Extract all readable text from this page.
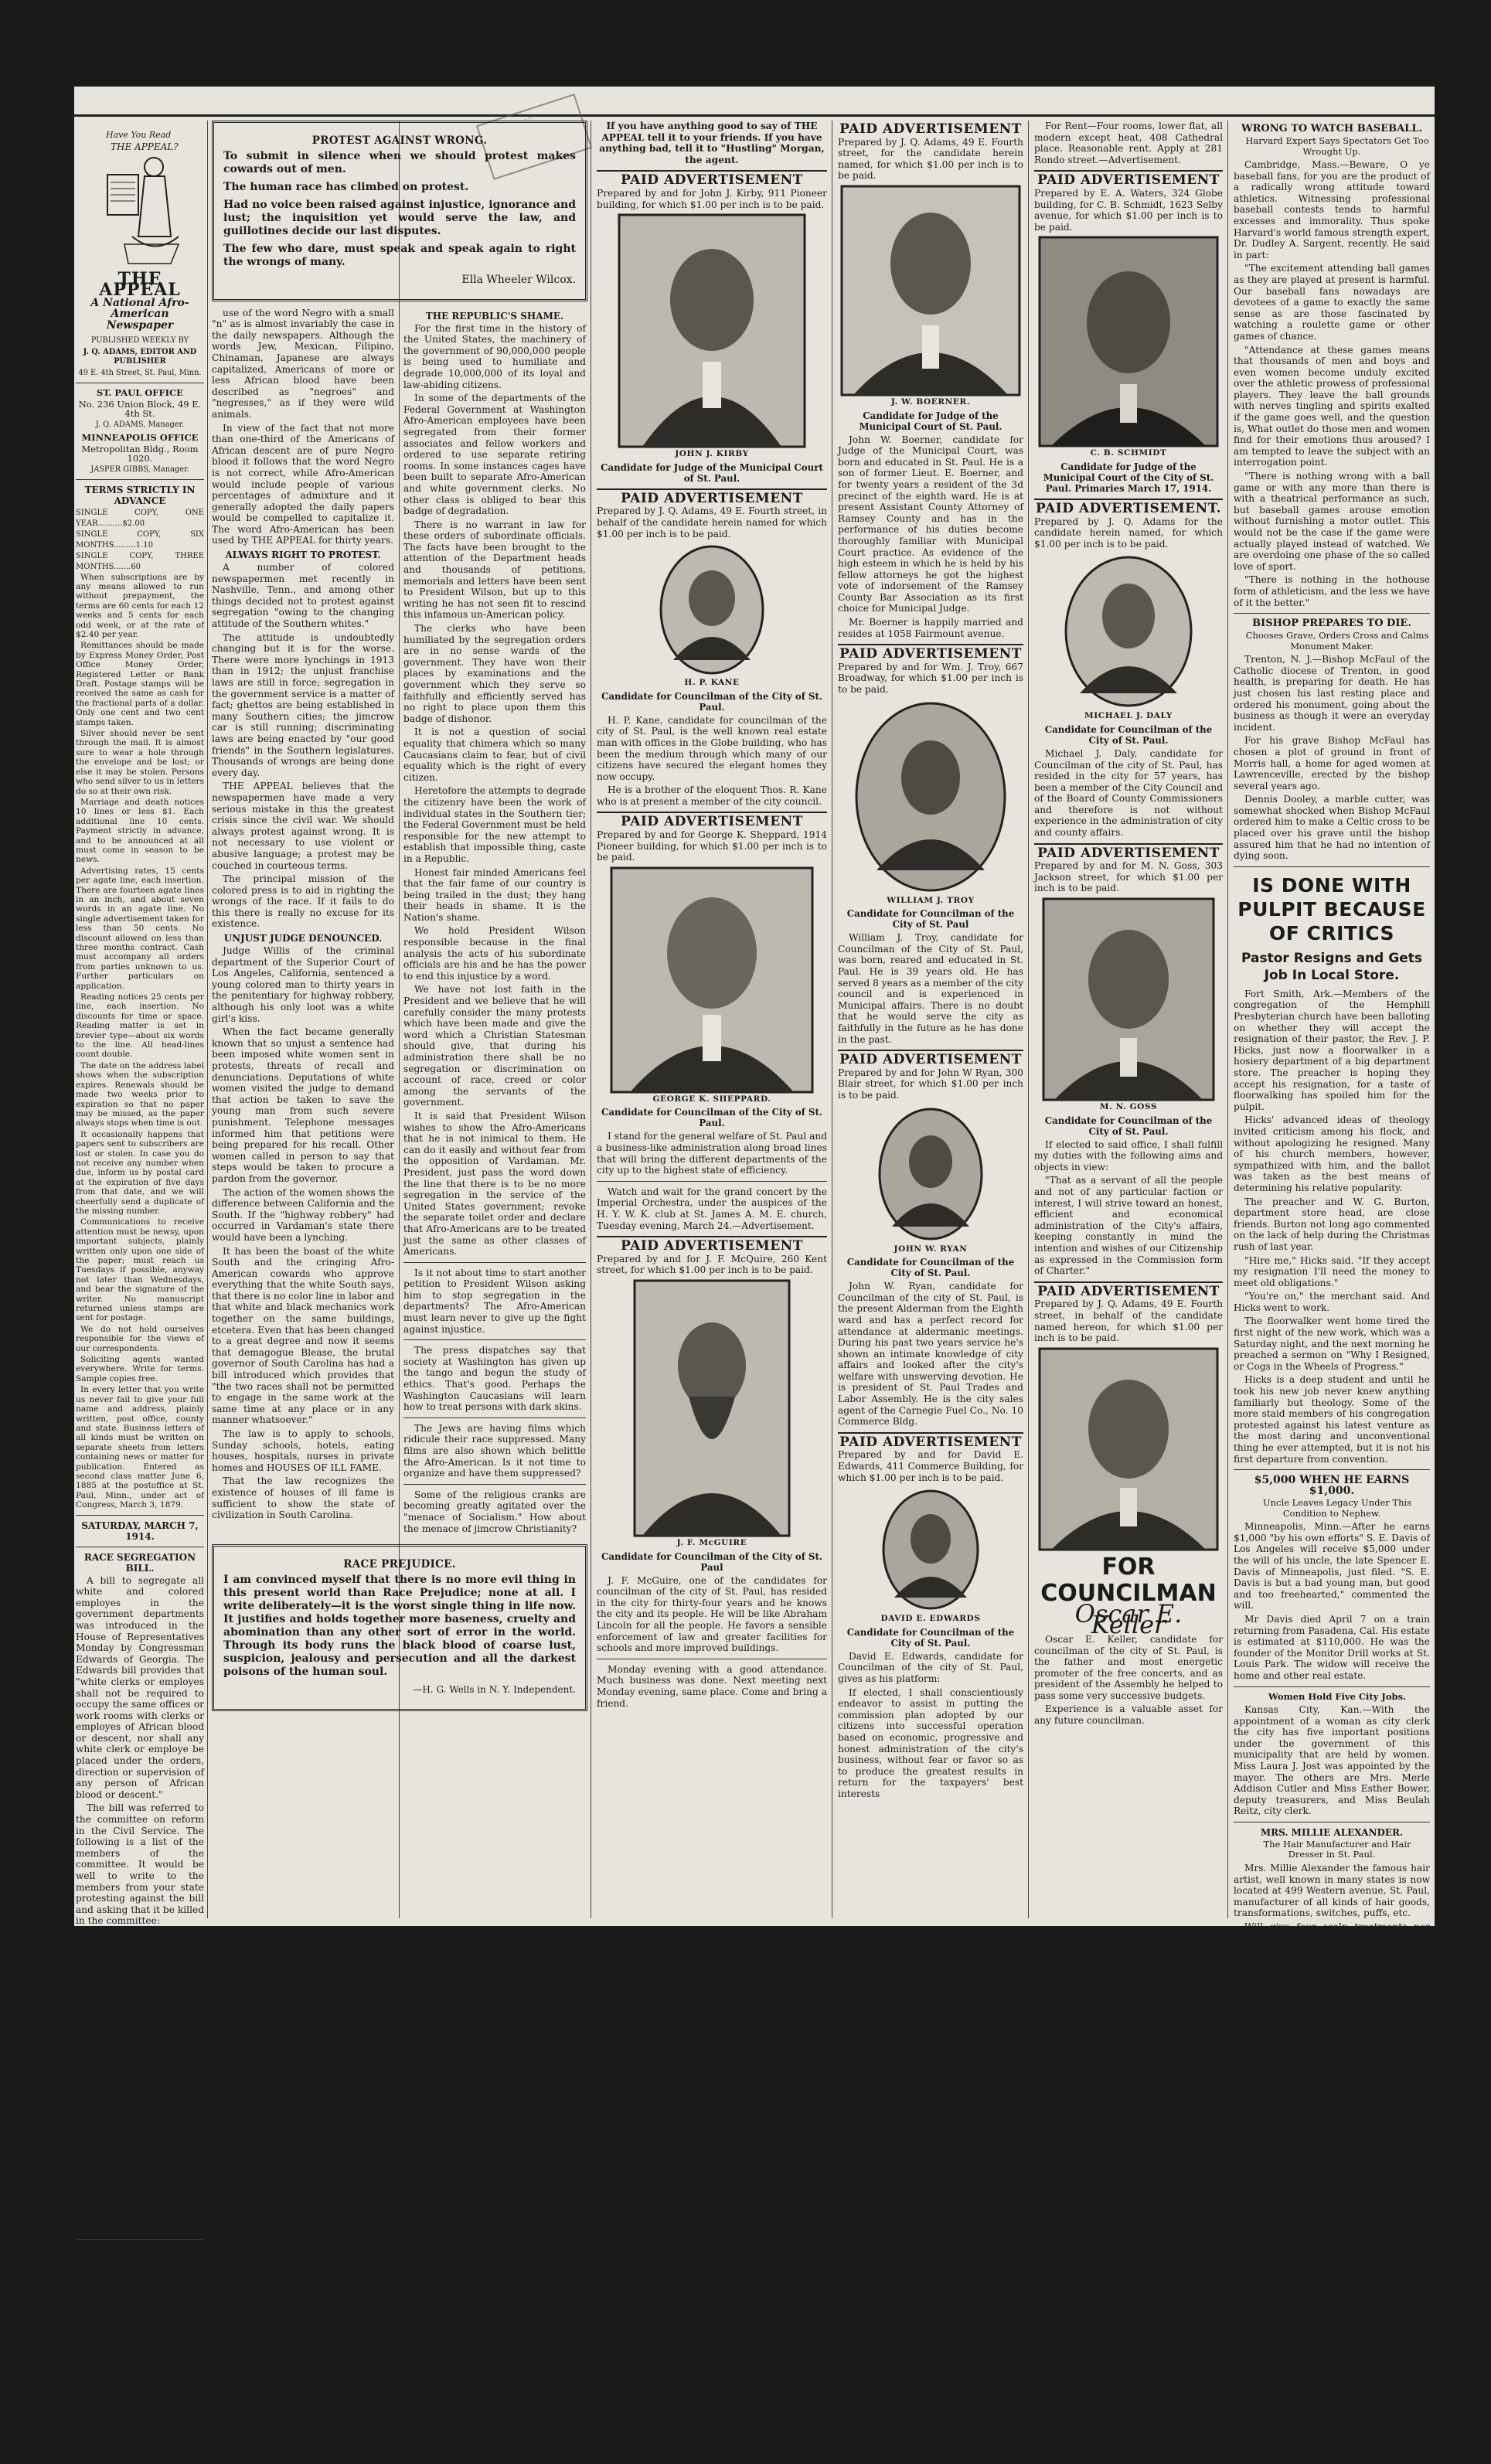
⋯
Have You Read
THE APPEAL?
THE APPEAL
A National Afro-American Newspaper

PUBLISHED WEEKLY BY

J. Q. ADAMS, EDITOR AND PUBLISHER

49 E. 4th Street, St. Paul, Minn.

ST. PAUL OFFICE

No. 236 Union Block, 49 E. 4th St.

J. Q. ADAMS, Manager.

MINNEAPOLIS OFFICE

Metropolitan Bldg., Room 1020.

JASPER GIBBS, Manager.

TERMS STRICTLY IN ADVANCE

SINGLE COPY, ONE YEAR..........$2.00

SINGLE COPY, SIX MONTHS.........1.10

SINGLE COPY, THREE MONTHS.......60

When subscriptions are by any means allowed to run without prepayment, the terms are 60 cents for each 12 weeks and 5 cents for each odd week, or at the rate of $2.40 per year.

Remittances should be made by Express Money Order, Post Office Money Order, Registered Letter or Bank Draft. Postage stamps will be received the same as cash for the fractional parts of a dollar. Only one cent and two cent stamps taken.

Silver should never be sent through the mail. It is almost sure to wear a hole through the envelope and be lost; or else it may be stolen. Persons who send silver to us in letters do so at their own risk.

Marriage and death notices 10 lines or less $1. Each additional line 10 cents. Payment strictly in advance, and to be announced at all must come in season to be news.

Advertising rates, 15 cents per agate line, each insertion. There are fourteen agate lines in an inch, and about seven words in an agate line. No single advertisement taken for less than 50 cents. No discount allowed on less than three months contract. Cash must accompany all orders from parties unknown to us. Further particulars on application.

Reading notices 25 cents per line, each insertion. No discounts for time or space. Reading matter is set in brevier type—about six words to the line. All head-lines count double.

The date on the address label shows when the subscription expires. Renewals should be made two weeks prior to expiration so that no paper may be missed, as the paper always stops when time is out.

It occasionally happens that papers sent to subscribers are lost or stolen. In case you do not receive any number when due, inform us by postal card at the expiration of five days from that date, and we will cheerfully send a duplicate of the missing number.

Communications to receive attention must be newsy, upon important subjects, plainly written only upon one side of the paper; must reach us Tuesdays if possible, anyway not later than Wednesdays, and bear the signature of the writer. No manuscript returned unless stamps are sent for postage.

We do not hold ourselves responsible for the views of our correspondents.

Soliciting agents wanted everywhere. Write for terms. Sample copies free.

In every letter that you write us never fail to give your full name and address, plainly written, post office, county and state. Business letters of all kinds must be written on separate sheets from letters containing news or matter for publication. Entered as second class matter June 6, 1885 at the postoffice at St. Paul, Minn., under act of Congress, March 3, 1879.

SATURDAY, MARCH 7, 1914.
RACE SEGREGATION BILL.

A bill to segregate all white and colored employes in the government departments was introduced in the House of Representatives Monday by Congressman Edwards of Georgia. The Edwards bill provides that "white clerks or employes shall not be required to occupy the same offices or work rooms with clerks or employes of African blood or descent, nor shall any white clerk or employe be placed under the orders, direction or supervision of any person of African blood or descent."

The bill was referred to the committee on reform in the Civil Service. The following is a list of the members of the committee. It would be well to write to the members from your state protesting against the bill and asking that it be killed in the committee:

Hannibal L. Godwin of North Carolina.

Charles D. Carter of Oklahoma.

Martin Dies of Texas.

C. O. Lobeck of Nebraska.

Lewis L. Morgan of Louisiana.

Stephen A. Hoxworth of Illinois.

Denver S. Church of California.

Lathrop Brown of New York.

George C. Scott of Iowa.

Martin B. Madden of Illinois.

James Manahan of Minnesota.

Silas R. Barton of Nebraska.

James W. Bryan of Washington.

It would also be well to make a general protest against the enactment of jim crow legislation of any kind by Congress.

AFRO-AMERICAN RIGHT WORD.

We congratulate our up-to-date contemporary the Chicago Defender on its new "make up." It is chock full of news and presents a fine appearance.

We are especially pleased that the Defender has adopted the word Afro-American as a racial designation. It is a shame that it is necessary in this alleged land of the free to differentiate between Americans, but it is true.

Who has not been disgusted by the

PROTEST AGAINST WRONG.

To submit in silence when we should protest makes cowards out of men.

The human race has climbed on protest.

Had no voice been raised against injustice, ignorance and lust; the inquisition yet would serve the law, and guillotines decide our last disputes.

The few who dare, must speak and speak again to right the wrongs of many.

Ella Wheeler Wilcox.

use of the word Negro with a small "n" as is almost invariably the case in the daily newspapers. Although the words Jew, Mexican, Filipino, Chinaman, Japanese are always capitalized, Americans of more or less African blood have been described as "negroes" and "negresses," as if they were wild animals.

In view of the fact that not more than one-third of the Americans of African descent are of pure Negro blood it follows that the word Negro is not correct, while Afro-American would include people of various percentages of admixture and it generally adopted the daily papers would be compelled to capitalize it. The word Afro-American has been used by THE APPEAL for thirty years.

ALWAYS RIGHT TO PROTEST.

A number of colored newspapermen met recently in Nashville, Tenn., and among other things decided not to protest against segregation "owing to the changing attitude of the Southern whites."

The attitude is undoubtedly changing but it is for the worse. There were more lynchings in 1913 than in 1912; the unjust franchise laws are still in force; segregation in the government service is a matter of fact; ghettos are being established in many Southern cities; the jimcrow car is still running; discriminating laws are being enacted by "our good friends" in the Southern legislatures. Thousands of wrongs are being done every day.

THE APPEAL believes that the newspapermen have made a very serious mistake in this the greatest crisis since the civil war. We should always protest against wrong. It is not necessary to use violent or abusive language; a protest may be couched in courteous terms.

The principal mission of the colored press is to aid in righting the wrongs of the race. If it fails to do this there is really no excuse for its existence.

UNJUST JUDGE DENOUNCED.

Judge Willis of the criminal department of the Superior Court of Los Angeles, California, sentenced a young colored man to thirty years in the penitentiary for highway robbery, although his only loot was a white girl's kiss.

When the fact became generally known that so unjust a sentence had been imposed white women sent in protests, threats of recall and denunciations. Deputations of white women visited the judge to demand that action be taken to save the young man from such severe punishment. Telephone messages informed him that petitions were being prepared for his recall. Other women called in person to say that steps would be taken to procure a pardon from the governor.

The action of the women shows the difference between California and the South. If the "highway robbery" had occurred in Vardaman's state there would have been a lynching.

It has been the boast of the white South and the cringing Afro-American cowards who approve everything that the white South says, that there is no color line in labor and that white and black mechanics work together on the same buildings, etcetera. Even that has been changed to a great degree and now it seems that demagogue Blease, the brutal governor of South Carolina has had a bill introduced which provides that "the two races shall not be permitted to engage in the same work at the same time at any place or in any manner whatsoever."

The law is to apply to schools, Sunday schools, hotels, eating houses, hospitals, nurses in private homes and HOUSES OF ILL FAME.

That the law recognizes the existence of houses of ill fame is sufficient to show the state of civilization in South Carolina.

THE REPUBLIC'S SHAME.

For the first time in the history of the United States, the machinery of the government of 90,000,000 people is being used to humiliate and degrade 10,000,000 of its loyal and law-abiding citizens.

In some of the departments of the Federal Government at Washington Afro-American employees have been segregated from their former associates and fellow workers and ordered to use separate retiring rooms. In some instances cages have been built to separate Afro-American and white government clerks. No other class is obliged to bear this badge of degradation.

There is no warrant in law for these orders of subordinate officials. The facts have been brought to the attention of the Department heads and thousands of petitions, memorials and letters have been sent to President Wilson, but up to this writing he has not seen fit to rescind this infamous un-American policy.

The clerks who have been humiliated by the segregation orders are in no sense wards of the government. They have won their places by examinations and the government which they serve so faithfully and efficiently served has no right to place upon them this badge of dishonor.

It is not a question of social equality that chimera which so many Caucasians claim to fear, but of civil equality which is the right of every citizen.

Heretofore the attempts to degrade the citizenry have been the work of individual states in the Southern tier; the Federal Government must be held responsible for the new attempt to establish that impossible thing, caste in a Republic.

Honest fair minded Americans feel that the fair fame of our country is being trailed in the dust; they hang their heads in shame. It is the Nation's shame.

We hold President Wilson responsible because in the final analysis the acts of his subordinate officials are his and he has the power to end this injustice by a word.

We have not lost faith in the President and we believe that he will carefully consider the many protests which have been made and give the word which a Christian Statesman should give, that during his administration there shall be no segregation or discrimination on account of race, creed or color among the servants of the government.

It is said that President Wilson wishes to show the Afro-Americans that he is not inimical to them. He can do it easily and without fear from the opposition of Vardaman. Mr. President, just pass the word down the line that there is to be no more segregation in the service of the United States government; revoke the separate toilet order and declare that Afro-Americans are to be treated just the same as other classes of Americans.

Is it not about time to start another petition to President Wilson asking him to stop segregation in the departments? The Afro-American must learn never to give up the fight against injustice.

The press dispatches say that society at Washington has given up the tango and begun the study of ethics. That's good. Perhaps the Washington Caucasians will learn how to treat persons with dark skins.

The Jews are having films which ridicule their race suppressed. Many films are also shown which belittle the Afro-American. Is it not time to organize and have them suppressed?

Some of the religious cranks are becoming greatly agitated over the "menace of Socialism." How about the menace of jimcrow Christianity?

RACE PREJUDICE.

I am convinced myself that there is no more evil thing in this present world than Race Prejudice; none at all. I write deliberately—it is the worst single thing in life now. It justifies and holds together more baseness, cruelty and abomination than any other sort of error in the world. Through its body runs the black blood of coarse lust, suspicion, jealousy and persecution and all the darkest poisons of the human soul.

—H. G. Wells in N. Y. Independent.

If you have anything good to say of THE APPEAL tell it to your friends. If you have anything bad, tell it to "Hustling" Morgan, the agent.

PAID ADVERTISEMENT

Prepared by and for John J. Kirby, 911 Pioneer building, for which $1.00 per inch is to be paid.

JOHN J. KIRBY

Candidate for Judge of the Municipal Court of St. Paul.

PAID ADVERTISEMENT

Prepared by J. Q. Adams, 49 E. Fourth street, in behalf of the candidate herein named for which $1.00 per inch is to be paid.

H. P. KANE

Candidate for Councilman of the City of St. Paul.

H. P. Kane, candidate for councilman of the city of St. Paul, is the well known real estate man with offices in the Globe building, who has been the medium through which many of our citizens have secured the elegant homes they now occupy.

He is a brother of the eloquent Thos. R. Kane who is at present a member of the city council.

PAID ADVERTISEMENT

Prepared by and for George K. Sheppard, 1914 Pioneer building, for which $1.00 per inch is to be paid.

GEORGE K. SHEPPARD.

Candidate for Councilman of the City of St. Paul.

I stand for the general welfare of St. Paul and a business-like administration along broad lines that will bring the different departments of the city up to the highest state of efficiency.

Watch and wait for the grand concert by the Imperial Orchestra, under the auspices of the H. Y. W. K. club at St. James A. M. E. church, Tuesday evening, March 24.—Advertisement.

PAID ADVERTISEMENT

Prepared by and for J. F. McQuire, 260 Kent street, for which $1.00 per inch is to be paid.

J. F. McGUIRE

Candidate for Councilman of the City of St. Paul

J. F. McGuire, one of the candidates for councilman of the city of St. Paul, has resided in the city for thirty-four years and he knows the city and its people. He will be like Abraham Lincoln for all the people. He favors a sensible enforcement of law and greater facilities for schools and more improved buildings.

Monday evening with a good attendance. Much business was done. Next meeting next Monday evening, same place. Come and bring a friend.

PAID ADVERTISEMENT

Prepared by J. Q. Adams, 49 E. Fourth street, for the candidate herein named, for which $1.00 per inch is to be paid.

J. W. BOERNER.

Candidate for Judge of the Municipal Court of St. Paul.

John W. Boerner, candidate for Judge of the Municipal Court, was born and educated in St. Paul. He is a son of former Lieut. E. Boerner, and for twenty years a resident of the 3d precinct of the eighth ward. He is at present Assistant County Attorney of Ramsey County and has in the performance of his duties become thoroughly familiar with Municipal Court practice. As evidence of the high esteem in which he is held by his fellow attorneys he got the highest vote of indorsement of the Ramsey County Bar Association as its first choice for Municipal Judge.

Mr. Boerner is happily married and resides at 1058 Fairmount avenue.

PAID ADVERTISEMENT

Prepared by and for Wm. J. Troy, 667 Broadway, for which $1.00 per inch is to be paid.

WILLIAM J. TROY

Candidate for Councilman of the City of St. Paul

William J. Troy, candidate for Councilman of the City of St. Paul, was born, reared and educated in St. Paul. He is 39 years old. He has served 8 years as a member of the city council and is experienced in Municipal affairs. There is no doubt that he would serve the city as faithfully in the future as he has done in the past.

PAID ADVERTISEMENT

Prepared by and for John W Ryan, 300 Blair street, for which $1.00 per inch is to be paid.

JOHN W. RYAN

Candidate for Councilman of the City of St. Paul.

John W. Ryan, candidate for Councilman of the city of St. Paul, is the present Alderman from the Eighth ward and has a perfect record for attendance at aldermanic meetings. During his past two years service he's shown an intimate knowledge of city affairs and looked after the city's welfare with unswerving devotion. He is president of St. Paul Trades and Labor Assembly. He is the city sales agent of the Carnegie Fuel Co., No. 10 Commerce Bldg.

PAID ADVERTISEMENT

Prepared by and for David E. Edwards, 411 Commerce Building, for which $1.00 per inch is to be paid.

DAVID E. EDWARDS

Candidate for Councilman of the City of St. Paul.

David E. Edwards, candidate for Councilman of the city of St. Paul, gives as his platform:

If elected, I shall conscientiously endeavor to assist in putting the commission plan adopted by our citizens into successful operation based on economic, progressive and honest administration of the city's business, without fear or favor so as to produce the greatest results in return for the taxpayers' best interests

For Rent—Four rooms, lower flat, all modern except heat, 408 Cathedral place. Reasonable rent. Apply at 281 Rondo street.—Advertisement.

PAID ADVERTISEMENT

Prepared by E. A. Waters, 324 Globe building, for C. B. Schmidt, 1623 Selby avenue, for which $1.00 per inch is to be paid.

C. B. SCHMIDT

Candidate for Judge of the Municipal Court of the City of St. Paul. Primaries March 17, 1914.

PAID ADVERTISEMENT.

Prepared by J. Q. Adams for the candidate herein named, for which $1.00 per inch is to be paid.

MICHAEL J. DALY

Candidate for Councilman of the City of St. Paul.

Michael J. Daly, candidate for Councilman of the city of St. Paul, has resided in the city for 57 years, has been a member of the City Council and of the Board of County Commissioners and therefore is not without experience in the administration of city and county affairs.

PAID ADVERTISEMENT

Prepared by and for M. N. Goss, 303 Jackson street, for which $1.00 per inch is to be paid.

M. N. GOSS

Candidate for Councilman of the City of St. Paul.

If elected to said office, I shall fulfill my duties with the following aims and objects in view:

"That as a servant of all the people and not of any particular faction or interest, I will strive toward an honest, efficient and economical administration of the City's affairs, keeping constantly in mind the intention and wishes of our Citizenship as expressed in the Commission form of Charter."

PAID ADVERTISEMENT

Prepared by J. Q. Adams, 49 E. Fourth street, in behalf of the candidate named hereon, for which $1.00 per inch is to be paid.

FOR COUNCILMAN
Oscar E. Keller

Oscar E. Keller, candidate for councilman of the city of St. Paul, is the father and most energetic promoter of the free concerts, and as president of the Assembly he helped to pass some very successive budgets.

Experience is a valuable asset for any future councilman.

WRONG TO WATCH BASEBALL.

Harvard Expert Says Spectators Get Too Wrought Up.

Cambridge, Mass.—Beware, O ye baseball fans, for you are the product of a radically wrong attitude toward athletics. Witnessing professional baseball contests tends to harmful excesses and immorality. Thus spoke Harvard's world famous strength expert, Dr. Dudley A. Sargent, recently. He said in part:

"The excitement attending ball games as they are played at present is harmful. Our baseball fans nowadays are devotees of a game to exactly the same sense as are those fascinated by watching a roulette game or other games of chance.

"Attendance at these games means that thousands of men and boys and even women become unduly excited over the athletic prowess of professional players. They leave the ball grounds with nerves tingling and spirits exalted if the game goes well, and the question is, What outlet do those men and women find for their emotions thus aroused? I am tempted to leave the subject with an interrogation point.

"There is nothing wrong with a ball game or with any more than there is with a theatrical performance as such, but baseball games arouse emotion without furnishing a motor outlet. This would not be the case if the game were actually played instead of watched. We are overdoing one phase of the so called love of sport.

"There is nothing in the hothouse form of athleticism, and the less we have of it the better."

BISHOP PREPARES TO DIE.

Chooses Grave, Orders Cross and Calms Monument Maker.

Trenton, N. J.—Bishop McFaul of the Catholic diocese of Trenton, in good health, is preparing for death. He has just chosen his last resting place and ordered his monument, going about the business as though it were an everyday incident.

For his grave Bishop McFaul has chosen a plot of ground in front of Morris hall, a home for aged women at Lawrenceville, erected by the bishop several years ago.

Dennis Dooley, a marble cutter, was somewhat shocked when Bishop McFaul ordered him to make a Celtic cross to be placed over his grave until the bishop assured him that he had no intention of dying soon.

IS DONE WITH PULPIT BECAUSE OF CRITICS
Pastor Resigns and Gets Job In Local Store.

Fort Smith, Ark.—Members of the congregation of the Hemphill Presbyterian church have been balloting on whether they will accept the resignation of their pastor, the Rev. J. P. Hicks, just now a floorwalker in a hosiery department of a big department store. The preacher is hoping they accept his resignation, for a taste of floorwalking has spoiled him for the pulpit.

Hicks' advanced ideas of theology invited criticism among his flock, and without apologizing he resigned. Many of his church members, however, sympathized with him, and the ballot was taken as the best means of determining his relative popularity.

The preacher and W. G. Burton, department store head, are close friends. Burton not long ago commented on the lack of help during the Christmas rush of last year.

"Hire me," Hicks said. "If they accept my resignation I'll need the money to meet old obligations."

"You're on," the merchant said. And Hicks went to work.

The floorwalker went home tired the first night of the new work, which was a Saturday night, and the next morning he preached a sermon on "Why I Resigned, or Cogs in the Wheels of Progress."

Hicks is a deep student and until he took his new job never knew anything familiarly but theology. Some of the more staid members of his congregation protested against his latest venture as the most daring and unconventional thing he ever attempted, but it is not his first departure from convention.

$5,000 WHEN HE EARNS $1,000.

Uncle Leaves Legacy Under This Condition to Nephew.

Minneapolis, Minn.—After he earns $1,000 "by his own efforts" S. E. Davis of Los Angeles will receive $5,000 under the will of his uncle, the late Spencer E. Davis of Minneapolis, just filed. "S. E. Davis is but a bad young man, but good and too freehearted," commented the will.

Mr Davis died April 7 on a train returning from Pasadena, Cal. His estate is estimated at $110,000. He was the founder of the Monitor Drill works at St. Louis Park. The widow will receive the home and other real estate.

Women Hold Five City Jobs.

Kansas City, Kan.—With the appointment of a woman as city clerk the city has five important positions under the government of this municipality that are held by women. Miss Laura J. Jost was appointed by the mayor. The others are Mrs. Merle Addison Cutler and Miss Esther Bower, deputy treasurers, and Miss Beulah Reitz, city clerk.

MRS. MILLIE ALEXANDER.

The Hair Manufacturer and Hair Dresser in St. Paul.

Mrs. Millie Alexander the famous hair artist, well known in many states is now located at 499 Western avenue, St. Paul, manufacturer of all kinds of hair goods, transformations, switches, puffs, etc.

Will give four scalp treatments per month for $1.00 and one jar of her wonderful Hair Grower free. Office hours from 8:00 a. m. to 8:00 p. m. Phone Dale 4598.

Hair dressing for weddings and parties a specialty.
